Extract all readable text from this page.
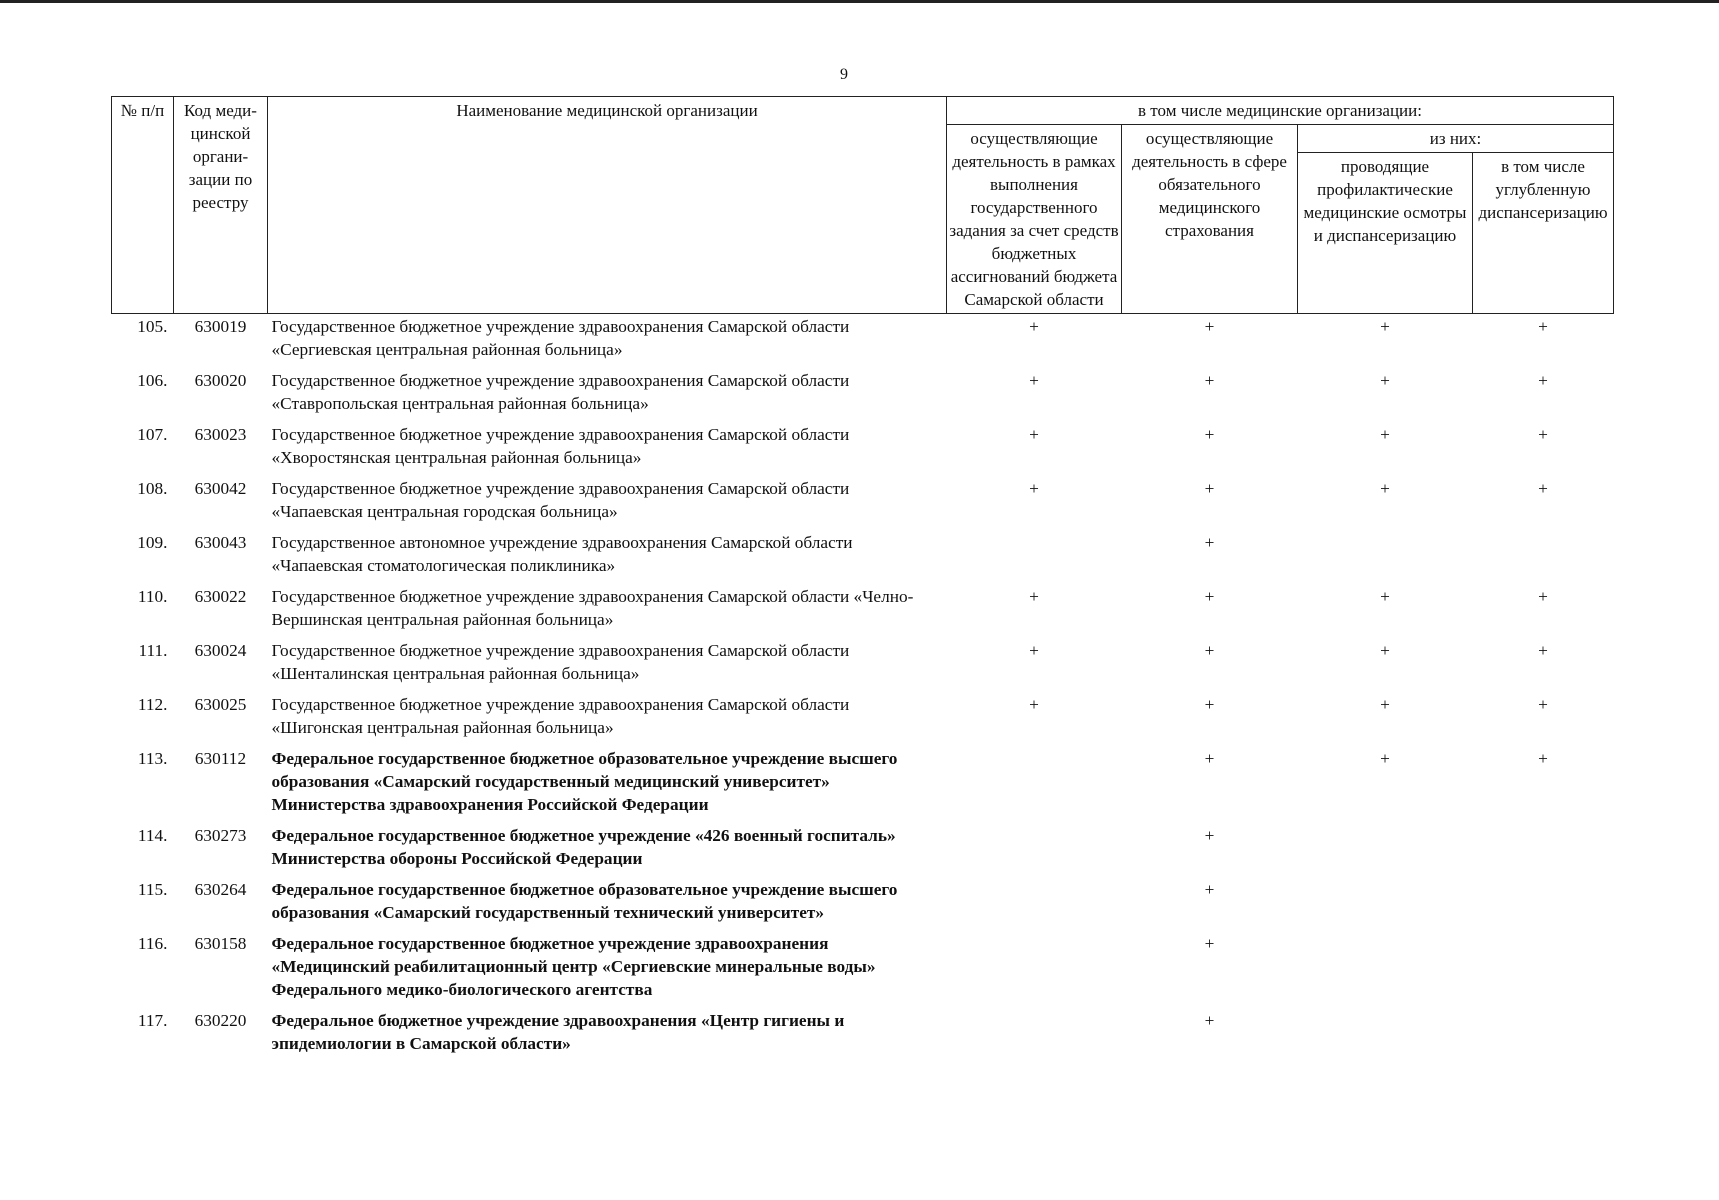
9
№ п/п	Код меди-цинской органи-зации по реестру	Наименование медицинской организации	в том числе медицинские организации:			
			осуществляющие деятельность в рамках выполнения государственного задания за счет средств бюджетных ассигнований бюджета Самарской области	осуществляющие деятельность в сфере обязательного медицинского страхования	из них:	
					проводящие профилактические медицинские осмотры и диспансеризацию	в том числе углубленную диспансеризацию
105.	630019	Государственное бюджетное учреждение здравоохранения Самарской области «Сергиевская центральная районная больница»	+	+	+	+
106.	630020	Государственное бюджетное учреждение здравоохранения Самарской области «Ставропольская центральная районная больница»	+	+	+	+
107.	630023	Государственное бюджетное учреждение здравоохранения Самарской области «Хворостянская центральная районная больница»	+	+	+	+
108.	630042	Государственное бюджетное учреждение здравоохранения Самарской области «Чапаевская центральная городская больница»	+	+	+	+
109.	630043	Государственное автономное учреждение здравоохранения Самарской области «Чапаевская стоматологическая поликлиника»		+		
110.	630022	Государственное бюджетное учреждение здравоохранения Самарской области «Челно-Вершинская центральная районная больница»	+	+	+	+
111.	630024	Государственное бюджетное учреждение здравоохранения Самарской области «Шенталинская центральная районная больница»	+	+	+	+
112.	630025	Государственное бюджетное учреждение здравоохранения Самарской области «Шигонская центральная районная больница»	+	+	+	+
113.	630112	Федеральное государственное бюджетное образовательное учреждение высшего образования «Самарский государственный медицинский университет» Министерства здравоохранения Российской Федерации		+	+	+
114.	630273	Федеральное государственное бюджетное учреждение «426 военный госпиталь» Министерства обороны Российской Федерации		+		
115.	630264	Федеральное государственное бюджетное образовательное учреждение высшего образования «Самарский государственный технический университет»		+		
116.	630158	Федеральное государственное бюджетное учреждение здравоохранения «Медицинский реабилитационный центр «Сергиевские минеральные воды» Федерального медико-биологического агентства		+		
117.	630220	Федеральное бюджетное учреждение здравоохранения «Центр гигиены и эпидемиологии в Самарской области»		+		
